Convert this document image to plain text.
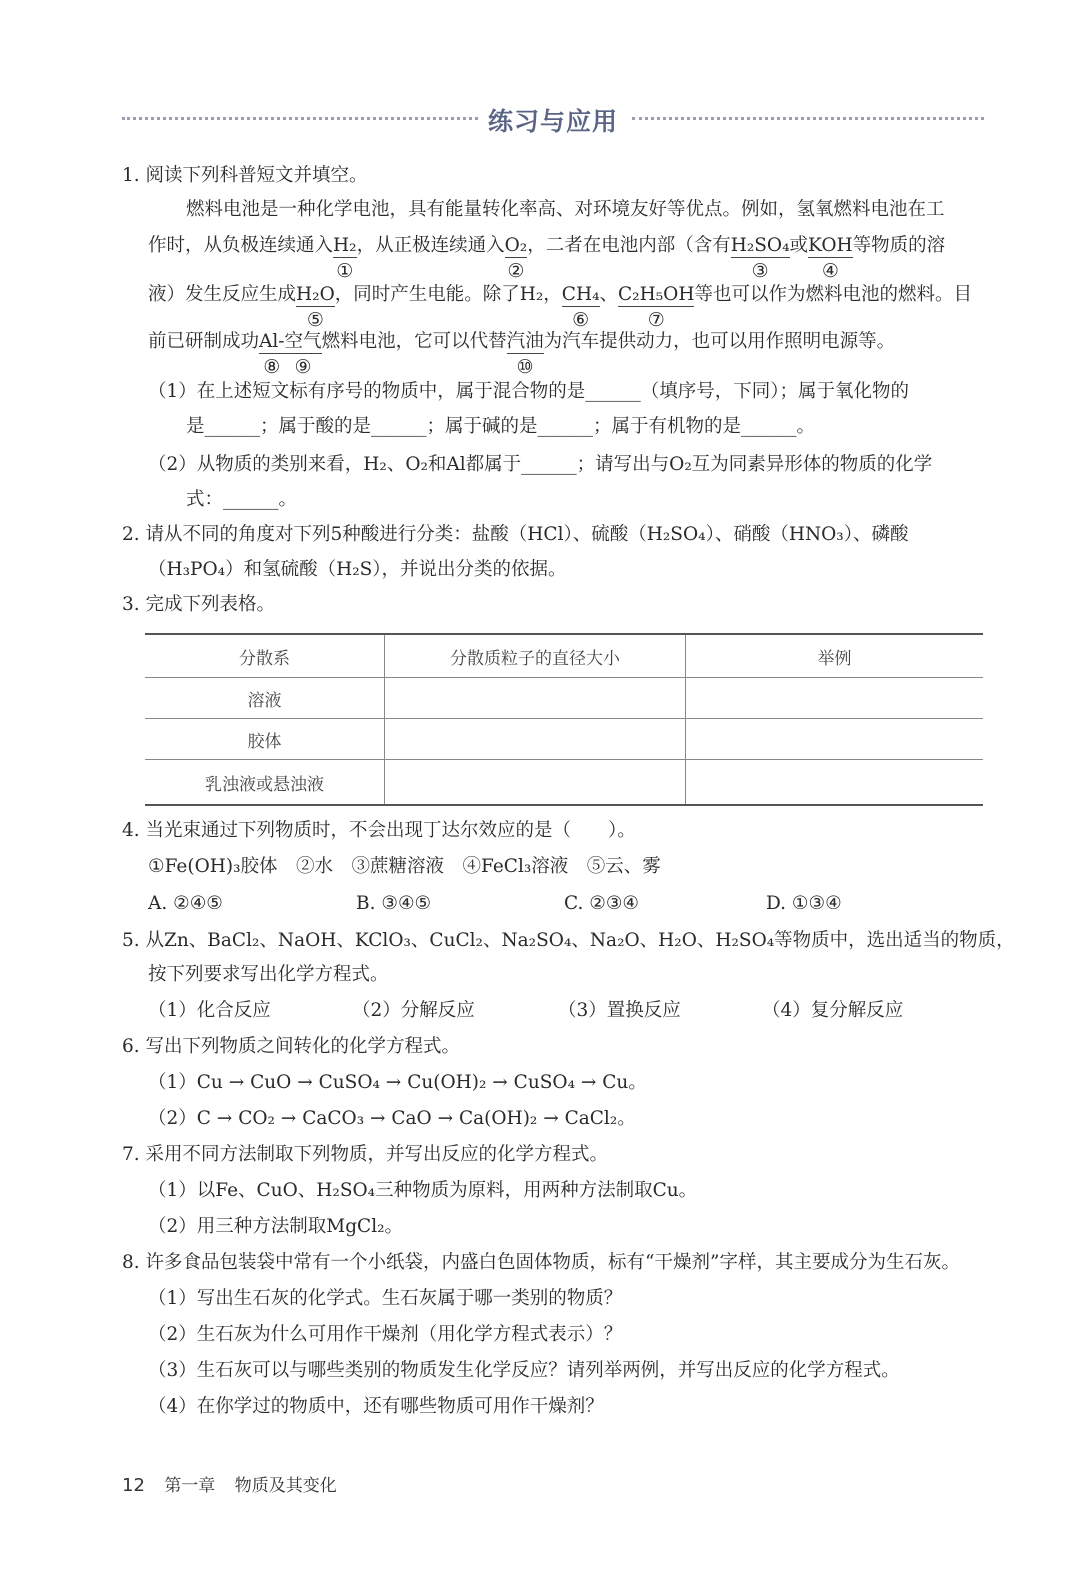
练习与应用
1. 阅读下列科普短文并填空。
燃料电池是一种化学电池，具有能量转化率高、对环境友好等优点。例如，氢氧燃料电池在工
作时，从负极连续通入H₂
①
，从正极连续通入O₂
②
，二者在电池内部（含有H₂SO₄
③
或KOH
④
等物质的溶
液）发生反应生成H₂O
⑤
，同时产生电能。除了H₂，CH₄
⑥
、C₂H₅OH
⑦
等也可以作为燃料电池的燃料。目
前已研制成功Al-
⑧
空气
⑨
燃料电池，它可以代替汽油
⑩
为汽车提供动力，也可以用作照明电源等。
（1）在上述短文标有序号的物质中，属于混合物的是______（填序号，下同）；属于氧化物的
是______；属于酸的是______；属于碱的是______；属于有机物的是______。
（2）从物质的类别来看，H₂、O₂和Al都属于______；请写出与O₂互为同素异形体的物质的化学
式：______。
2. 请从不同的角度对下列5种酸进行分类：盐酸（HCl）、硫酸（H₂SO₄）、硝酸（HNO₃）、磷酸
（H₃PO₄）和氢硫酸（H₂S），并说出分类的依据。
3. 完成下列表格。
分散系	分散质粒子的直径大小	举例
溶液		
胶体		
乳浊液或悬浊液		
4. 当光束通过下列物质时，不会出现丁达尔效应的是（　　）。
①Fe(OH)₃胶体　②水　③蔗糖溶液　④FeCl₃溶液　⑤云、雾
A. ②④⑤	B. ③④⑤	C. ②③④	D. ①③④
5. 从Zn、BaCl₂、NaOH、KClO₃、CuCl₂、Na₂SO₄、Na₂O、H₂O、H₂SO₄等物质中，选出适当的物质，
按下列要求写出化学方程式。
（1）化合反应	（2）分解反应	（3）置换反应	（4）复分解反应
6. 写出下列物质之间转化的化学方程式。
（1）Cu → CuO → CuSO₄ → Cu(OH)₂ → CuSO₄ → Cu。
（2）C → CO₂ → CaCO₃ → CaO → Ca(OH)₂ → CaCl₂。
7. 采用不同方法制取下列物质，并写出反应的化学方程式。
（1）以Fe、CuO、H₂SO₄三种物质为原料，用两种方法制取Cu。
（2）用三种方法制取MgCl₂。
8. 许多食品包装袋中常有一个小纸袋，内盛白色固体物质，标有“干燥剂”字样，其主要成分为生石灰。
（1）写出生石灰的化学式。生石灰属于哪一类别的物质？
（2）生石灰为什么可用作干燥剂（用化学方程式表示）？
（3）生石灰可以与哪些类别的物质发生化学反应？请列举两例，并写出反应的化学方程式。
（4）在你学过的物质中，还有哪些物质可用作干燥剂？
12 第一章 物质及其变化
